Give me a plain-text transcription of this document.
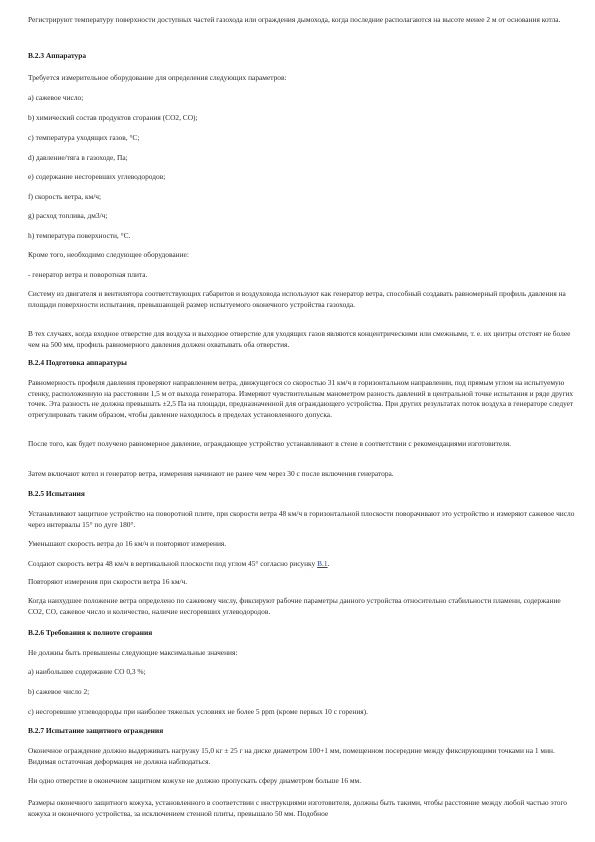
Регистрируют температуру поверхности доступных частей газохода или ограждения дымохода, когда последние располагаются на высоте менее 2 м от основания котла.

B.2.3 Аппаратура

Требуется измерительное оборудование для определения следующих параметров:

а) сажевое число;

b) химический состав продуктов сгорания (CO2, CO);

c) температура уходящих газов, °C;

d) давление/тяга в газоходе, Па;

e) содержание несгоревших углеводородов;

f) скорость ветра, км/ч;

g) расход топлива, дм3/ч;

h) температура поверхности, °C.

Кроме того, необходимо следующее оборудование:

- генератор ветра и поворотная плита.

Систему из двигателя и вентилятора соответствующих габаритов и воздуховода используют как генератор ветра, способный создавать равномерный профиль давления на площади поверхности испытания, превышающей размер испытуемого оконечного устройства газохода.

В тех случаях, когда входное отверстие для воздуха и выходное отверстие для уходящих газов являются концентрическими или смежными, т. е. их центры отстоят не более чем на 500 мм, профиль равномерного давления должен охватывать оба отверстия.

B.2.4 Подготовка аппаратуры

Равномерность профиля давления проверяют направлением ветра, движущегося со скоростью 31 км/ч в горизонтальном направлении, под прямым углом на испытуемую стенку, расположенную на расстоянии 1,5 м от выхода генератора. Измеряют чувствительным манометром разность давлений в центральной точке испытания и ряде других точек. Эта разность не должна превышать ±2,5 Па на площади, предназначенной для ограждающего устройства. При других результатах поток воздуха в генераторе следует отрегулировать таким образом, чтобы давление находилось в пределах установленного допуска.

После того, как будет получено равномерное давление, ограждающее устройство устанавливают в стене в соответствии с рекомендациями изготовителя.

Затем включают котел и генератор ветра, измерения начинают не ранее чем через 30 с после включения генератора.

B.2.5 Испытания

Устанавливают защитное устройство на поворотной плите, при скорости ветра 48 км/ч в горизонтальной плоскости поворачивают это устройство и измеряют сажевое число через интервалы 15° по дуге 180°.

Уменьшают скорость ветра до 16 км/ч и повторяют измерения.

Создают скорость ветра 48 км/ч в вертикальной плоскости под углом 45° согласно рисунку B.1.

Повторяют измерения при скорости ветра 16 км/ч.

Когда наихудшее положение ветра определено по сажевому числу, фиксируют рабочие параметры данного устройства относительно стабильности пламени, содержание CO2, CO, сажевое число и количество, наличие несгоревших углеводородов.

B.2.6 Требования к полноте сгорания

Не должны быть превышены следующие максимальные значения:

а) наибольшее содержание CO 0,3 %;

b) сажевое число 2;

c) несгоревшие углеводороды при наиболее тяжелых условиях не более 5 ppm (кроме первых 10 с горения).

B.2.7 Испытание защитного ограждения

Оконечное ограждение должно выдерживать нагрузку 15,0 кг ± 25 г на диске диаметром 100+1 мм, помещенном посередине между фиксирующими точками на 1 мин. Видимая остаточная деформация не должна наблюдаться.

Ни одно отверстие в оконечном защитном кожухе не должно пропускать сферу диаметром больше 16 мм.

Размеры оконечного защитного кожуха, установленного в соответствии с инструкциями изготовителя, должны быть такими, чтобы расстояние между любой частью этого кожуха и оконечного устройства, за исключением стенной плиты, превышало 50 мм. Подобное
